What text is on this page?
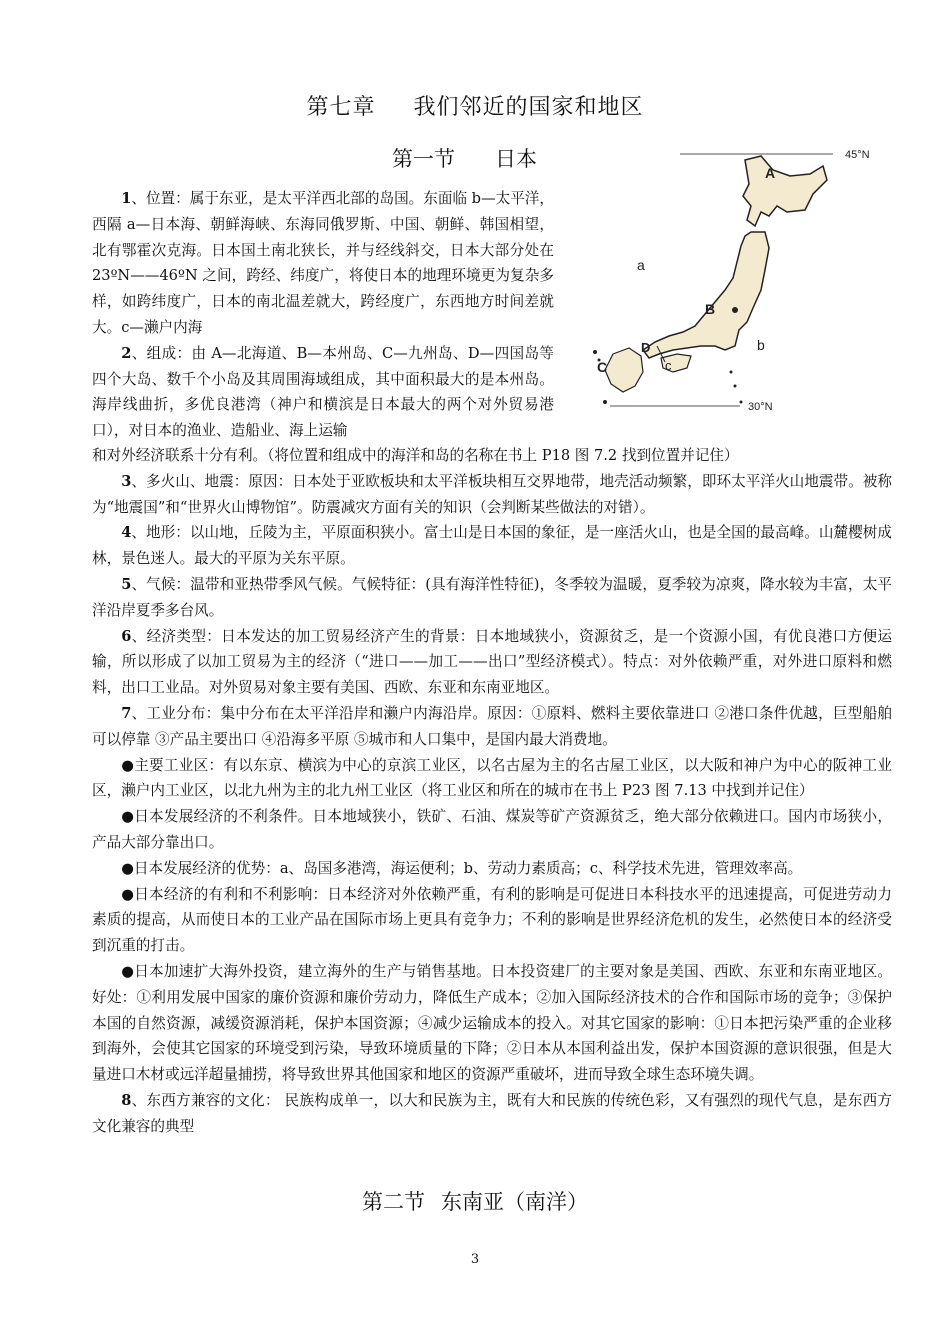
第七章 我们邻近的国家和地区
第一节 日本	45°N
30°N
A
B
C
D
a
b
c

1、位置：属于东亚，是太平洋西北部的岛国。东面临 b—太平洋，西隔 a—日本海、朝鲜海峡、东海同俄罗斯、中国、朝鲜、韩国相望，北有鄂霍次克海。日本国土南北狭长，并与经线斜交，日本大部分处在 23ºN——46ºN 之间，跨经、纬度广，将使日本的地理环境更为复杂多样，如跨纬度广，日本的南北温差就大，跨经度广，东西地方时间差就大。c—濑户内海

2、组成：由 A—北海道、B—本州岛、C—九州岛、D—四国岛等四个大岛、数千个小岛及其周围海域组成，其中面积最大的是本州岛。海岸线曲折，多优良港湾（神户和横滨是日本最大的两个对外贸易港口），对日本的渔业、造船业、海上运输

和对外经济联系十分有利。（将位置和组成中的海洋和岛的名称在书上 P18 图 7.2 找到位置并记住）

3、多火山、地震：原因：日本处于亚欧板块和太平洋板块相互交界地带，地壳活动频繁，即环太平洋火山地震带。被称为“地震国”和“世界火山博物馆”。防震减灾方面有关的知识（会判断某些做法的对错）。

4、地形：以山地，丘陵为主，平原面积狭小。富士山是日本国的象征，是一座活火山，也是全国的最高峰。山麓樱树成林，景色迷人。最大的平原为关东平原。

5、气候：温带和亚热带季风气候。气候特征：(具有海洋性特征)，冬季较为温暖，夏季较为凉爽，降水较为丰富，太平洋沿岸夏季多台风。

6、经济类型：日本发达的加工贸易经济产生的背景：日本地域狭小，资源贫乏，是一个资源小国，有优良港口方便运输，所以形成了以加工贸易为主的经济（“进口——加工——出口”型经济模式）。特点：对外依赖严重，对外进口原料和燃料，出口工业品。对外贸易对象主要有美国、西欧、东亚和东南亚地区。

7、工业分布：集中分布在太平洋沿岸和濑户内海沿岸。原因：①原料、燃料主要依靠进口 ②港口条件优越，巨型船舶可以停靠 ③产品主要出口 ④沿海多平原 ⑤城市和人口集中，是国内最大消费地。

●主要工业区：有以东京、横滨为中心的京滨工业区，以名古屋为主的名古屋工业区，以大阪和神户为中心的阪神工业区，濑户内工业区，以北九州为主的北九州工业区（将工业区和所在的城市在书上 P23 图 7.13 中找到并记住）

●日本发展经济的不利条件。日本地域狭小，铁矿、石油、煤炭等矿产资源贫乏，绝大部分依赖进口。国内市场狭小，产品大部分靠出口。

●日本发展经济的优势：a、岛国多港湾，海运便利；b、劳动力素质高；c、科学技术先进，管理效率高。

●日本经济的有利和不利影响：日本经济对外依赖严重，有利的影响是可促进日本科技水平的迅速提高，可促进劳动力素质的提高，从而使日本的工业产品在国际市场上更具有竞争力；不利的影响是世界经济危机的发生，必然使日本的经济受到沉重的打击。

●日本加速扩大海外投资，建立海外的生产与销售基地。日本投资建厂的主要对象是美国、西欧、东亚和东南亚地区。好处：①利用发展中国家的廉价资源和廉价劳动力，降低生产成本；②加入国际经济技术的合作和国际市场的竞争；③保护本国的自然资源，减缓资源消耗，保护本国资源；④减少运输成本的投入。对其它国家的影响：①日本把污染严重的企业移到海外，会使其它国家的环境受到污染，导致环境质量的下降；②日本从本国利益出发，保护本国资源的意识很强，但是大量进口木材或远洋超量捕捞，将导致世界其他国家和地区的资源严重破坏，进而导致全球生态环境失调。

8、东西方兼容的文化： 民族构成单一，以大和民族为主，既有大和民族的传统色彩，又有强烈的现代气息，是东西方文化兼容的典型

第二节 东南亚（南洋）
3
